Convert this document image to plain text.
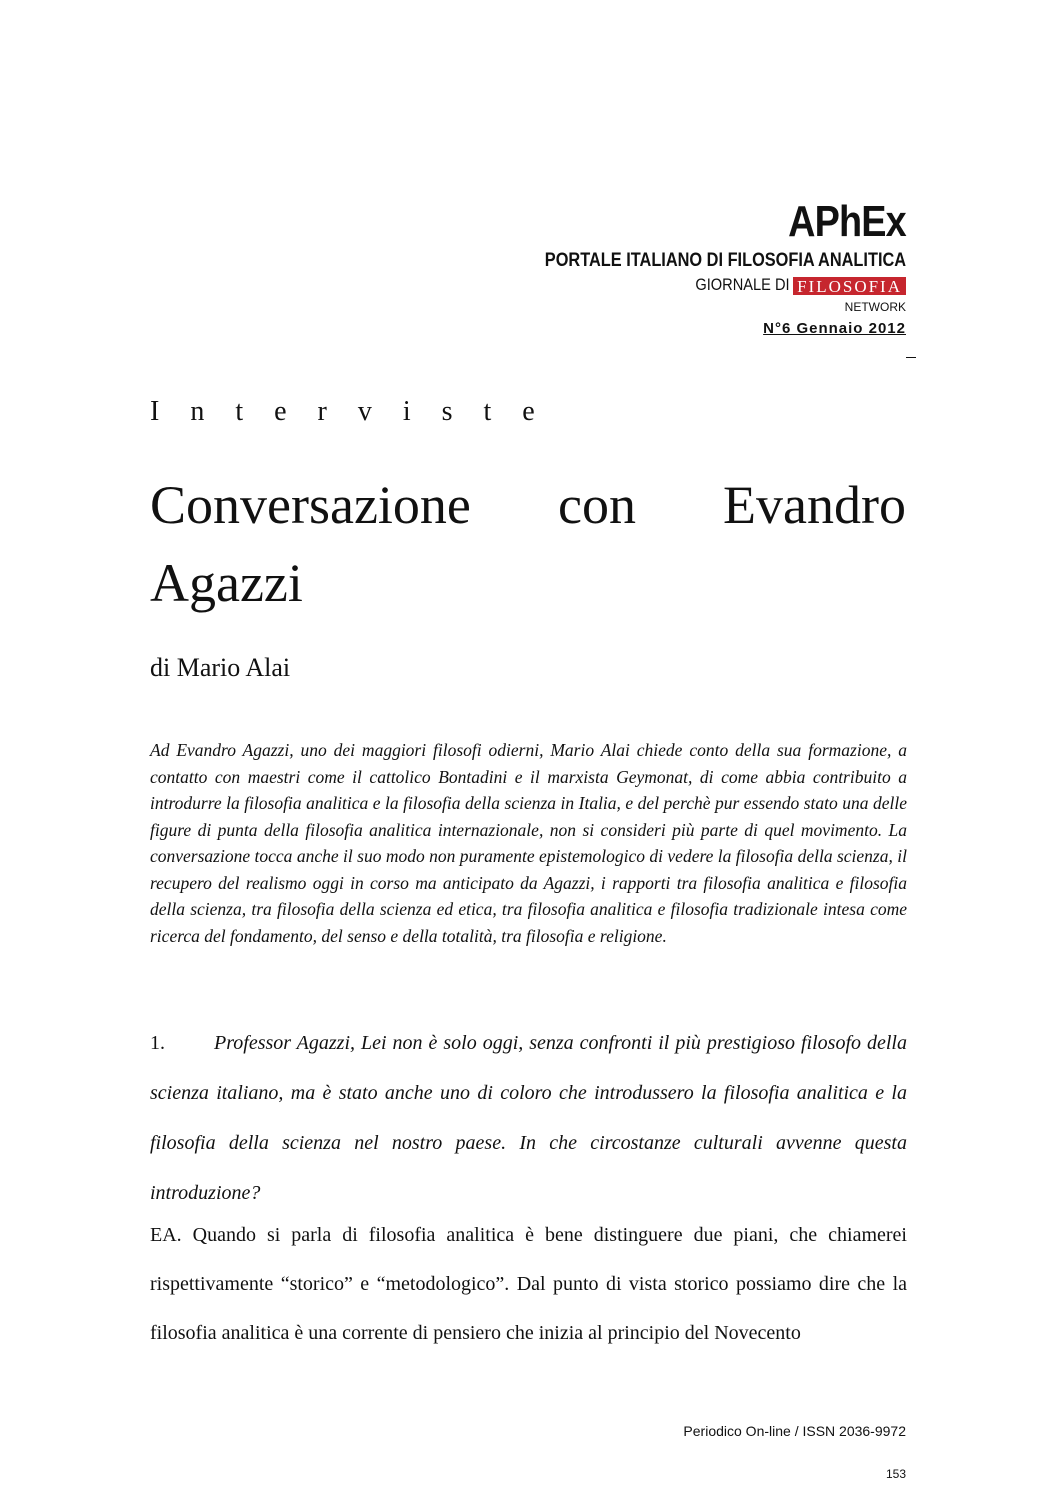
APhEx
PORTALE ITALIANO DI FILOSOFIA ANALITICA
GIORNALE DI FILOSOFIA
NETWORK
N°6 Gennaio 2012
Interviste
Conversazione con Evandro Agazzi
di Mario Alai

Ad Evandro Agazzi, uno dei maggiori filosofi odierni, Mario Alai chiede conto della sua formazione, a contatto con maestri come il cattolico Bontadini e il marxista Geymonat, di come abbia contribuito a introdurre la filosofia analitica e la filosofia della scienza in Italia, e del perchè pur essendo stato una delle figure di punta della filosofia analitica internazionale, non si consideri più parte di quel movimento. La conversazione tocca anche il suo modo non puramente epistemologico di vedere la filosofia della scienza, il recupero del realismo oggi in corso ma anticipato da Agazzi, i rapporti tra filosofia analitica e filosofia della scienza, tra filosofia della scienza ed etica, tra filosofia analitica e filosofia tradizionale intesa come ricerca del fondamento, del senso e della totalità, tra filosofia e religione.

1. Professor Agazzi, Lei non è solo oggi, senza confronti il più prestigioso filosofo della scienza italiano, ma è stato anche uno di coloro che introdussero la filosofia analitica e la filosofia della scienza nel nostro paese. In che circostanze culturali avvenne questa introduzione?

EA. Quando si parla di filosofia analitica è bene distinguere due piani, che chiamerei rispettivamente “storico” e “metodologico”. Dal punto di vista storico possiamo dire che la filosofia analitica è una corrente di pensiero che inizia al principio del Novecento

Periodico On-line / ISSN 2036-9972
153
